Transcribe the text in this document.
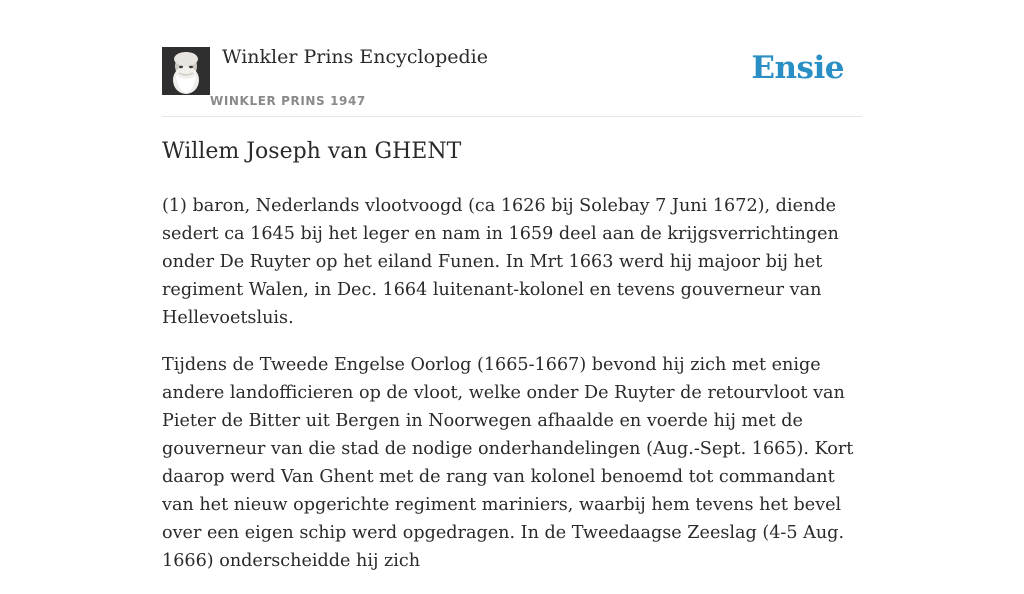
Winkler Prins Encyclopedie
WINKLER PRINS 1947
Ensie
Willem Joseph van GHENT

(1) baron, Nederlands vlootvoogd (ca 1626 bij Solebay 7 Juni 1672), diende sedert ca 1645 bij het leger en nam in 1659 deel aan de krijgsverrichtingen onder De Ruyter op het eiland Funen. In Mrt 1663 werd hij majoor bij het regiment Walen, in Dec. 1664 luitenant-kolonel en tevens gouverneur van Hellevoetsluis.

Tijdens de Tweede Engelse Oorlog (1665-1667) bevond hij zich met enige andere landofficieren op de vloot, welke onder De Ruyter de retourvloot van Pieter de Bitter uit Bergen in Noorwegen afhaalde en voerde hij met de gouverneur van die stad de nodige onderhandelingen (Aug.-Sept. 1665). Kort daarop werd Van Ghent met de rang van kolonel benoemd tot commandant van het nieuw opgerichte regiment mariniers, waarbij hem tevens het bevel over een eigen schip werd opgedragen. In de Tweedaagse Zeeslag (4-5 Aug. 1666) onderscheidde hij zich
